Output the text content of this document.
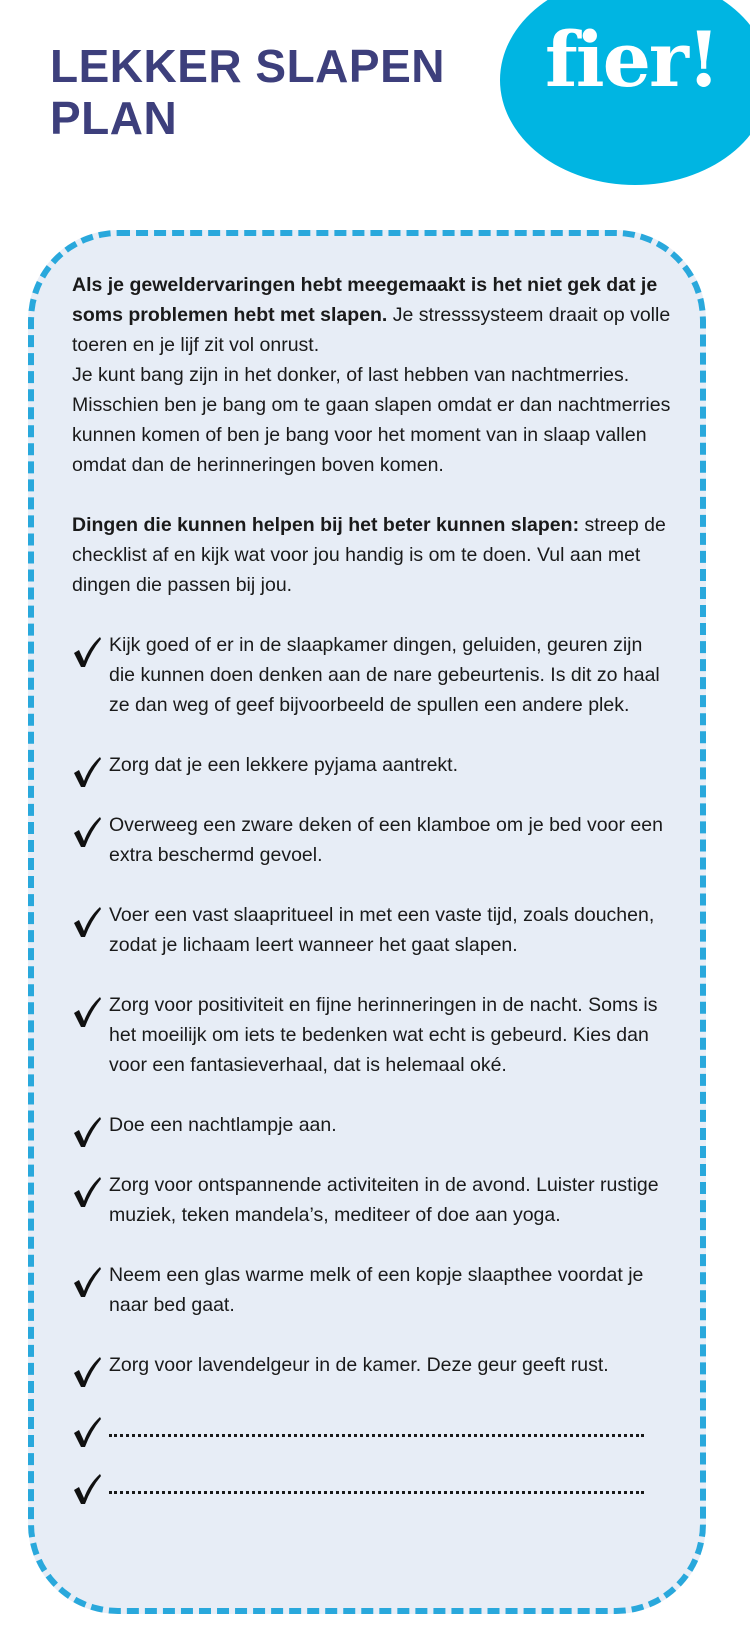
LEKKER SLAPEN
PLAN
fier!

Als je geweldervaringen hebt meegemaakt is het niet gek dat je soms problemen hebt met slapen. Je stresssysteem draait op volle toeren en je lijf zit vol onrust.

Je kunt bang zijn in het donker, of last hebben van nachtmerries. Misschien ben je bang om te gaan slapen omdat er dan nachtmerries kunnen komen of ben je bang voor het moment van in slaap vallen omdat dan de herinneringen boven komen.

Dingen die kunnen helpen bij het beter kunnen slapen: streep de checklist af en kijk wat voor jou handig is om te doen. Vul aan met dingen die passen bij jou.

Kijk goed of er in de slaapkamer dingen, geluiden, geuren zijn die kunnen doen denken aan de nare gebeurtenis. Is dit zo haal ze dan weg of geef bijvoorbeeld de spullen een andere plek.
Zorg dat je een lekkere pyjama aantrekt.
Overweeg een zware deken of een klamboe om je bed voor een extra beschermd gevoel.
Voer een vast slaapritueel in met een vaste tijd, zoals douchen, zodat je lichaam leert wanneer het gaat slapen.
Zorg voor positiviteit en fijne herinneringen in de nacht. Soms is het moeilijk om iets te bedenken wat echt is gebeurd. Kies dan voor een fantasieverhaal, dat is helemaal oké.
Doe een nachtlampje aan.
Zorg voor ontspannende activiteiten in de avond. Luister rustige muziek, teken mandela’s, mediteer of doe aan yoga.
Neem een glas warme melk of een kopje slaapthee voordat je naar bed gaat.
Zorg voor lavendelgeur in de kamer. Deze geur geeft rust.
